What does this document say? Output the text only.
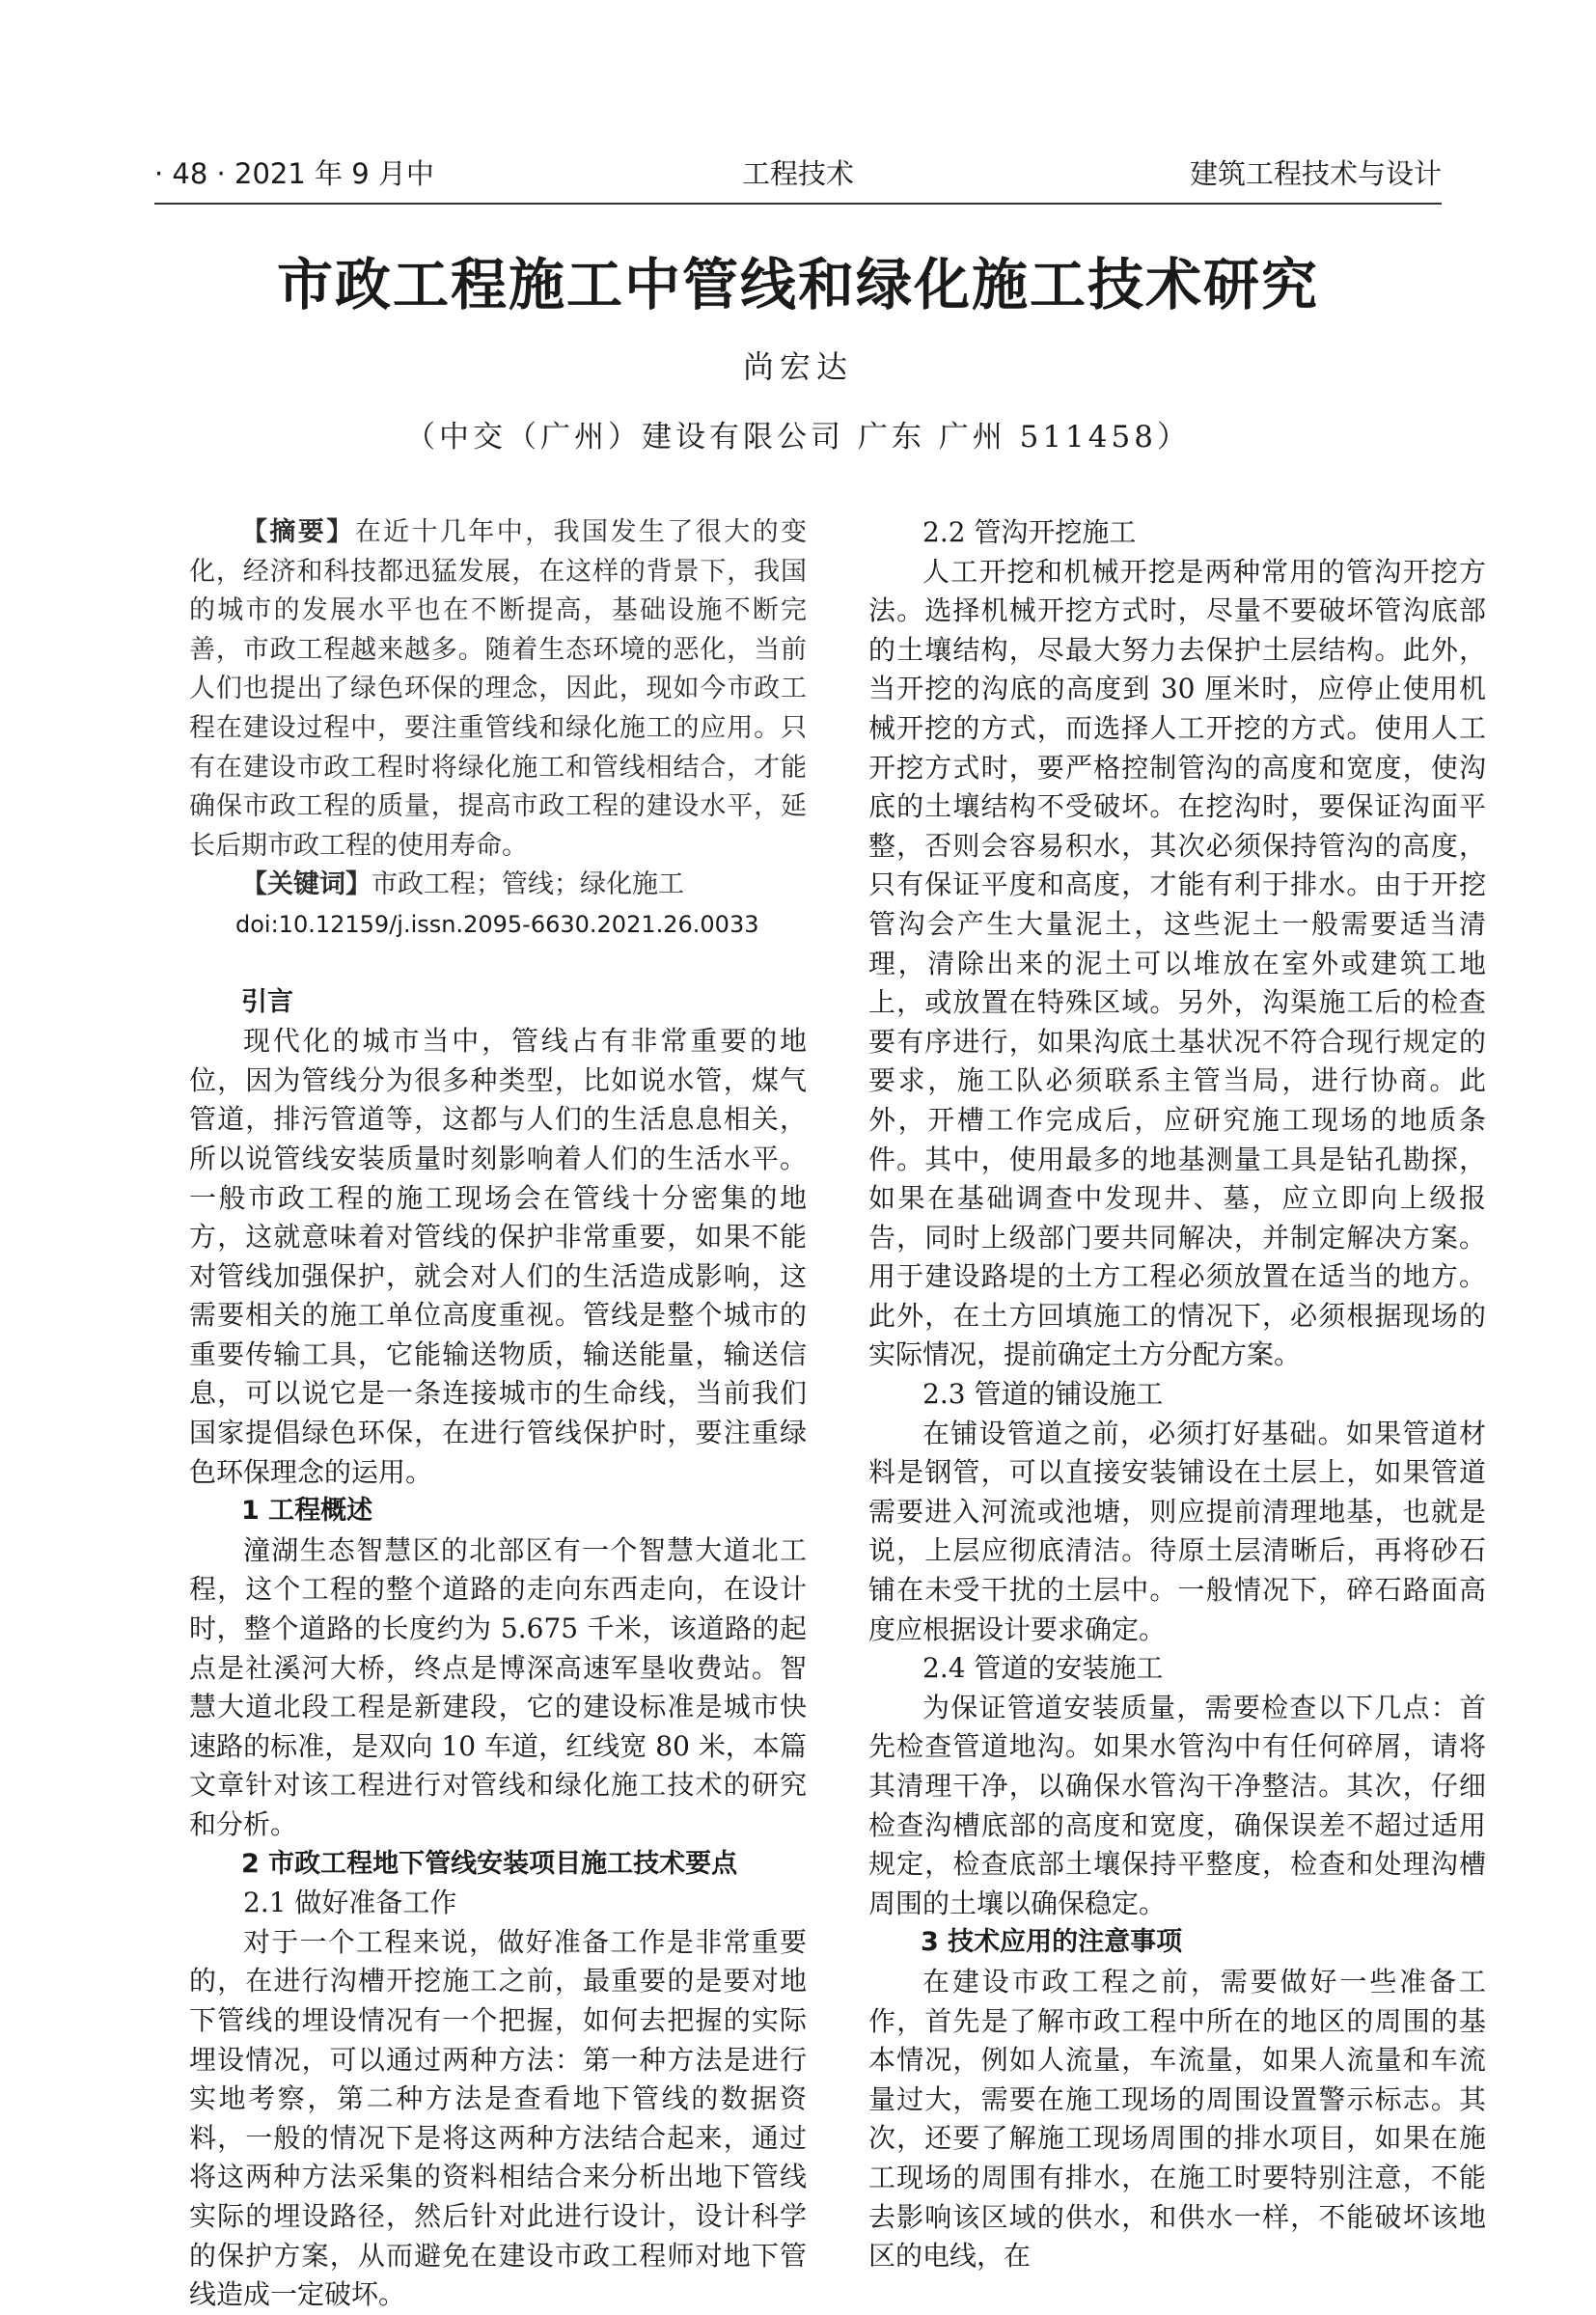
· 48 · 2021 年 9 月中	工程技术	建筑工程技术与设计
市政工程施工中管线和绿化施工技术研究
尚宏达
（中交（广州）建设有限公司 广东 广州 511458）

【摘要】在近十几年中，我国发生了很大的变化，经济和科技都迅猛发展，在这样的背景下，我国的城市的发展水平也在不断提高，基础设施不断完善，市政工程越来越多。随着生态环境的恶化，当前人们也提出了绿色环保的理念，因此，现如今市政工程在建设过程中，要注重管线和绿化施工的应用。只有在建设市政工程时将绿化施工和管线相结合，才能确保市政工程的质量，提高市政工程的建设水平，延长后期市政工程的使用寿命。

【关键词】市政工程；管线；绿化施工

doi:10.12159/j.issn.2095-6630.2021.26.0033

引言

现代化的城市当中，管线占有非常重要的地位，因为管线分为很多种类型，比如说水管，煤气管道，排污管道等，这都与人们的生活息息相关，所以说管线安装质量时刻影响着人们的生活水平。一般市政工程的施工现场会在管线十分密集的地方，这就意味着对管线的保护非常重要，如果不能对管线加强保护，就会对人们的生活造成影响，这需要相关的施工单位高度重视。管线是整个城市的重要传输工具，它能输送物质，输送能量，输送信息，可以说它是一条连接城市的生命线，当前我们国家提倡绿色环保，在进行管线保护时，要注重绿色环保理念的运用。

1 工程概述

潼湖生态智慧区的北部区有一个智慧大道北工程，这个工程的整个道路的走向东西走向，在设计时，整个道路的长度约为 5.675 千米，该道路的起点是社溪河大桥，终点是博深高速军垦收费站。智慧大道北段工程是新建段，它的建设标准是城市快速路的标准，是双向 10 车道，红线宽 80 米，本篇文章针对该工程进行对管线和绿化施工技术的研究和分析。

2 市政工程地下管线安装项目施工技术要点
2.1 做好准备工作

对于一个工程来说，做好准备工作是非常重要的，在进行沟槽开挖施工之前，最重要的是要对地下管线的埋设情况有一个把握，如何去把握的实际埋设情况，可以通过两种方法：第一种方法是进行实地考察，第二种方法是查看地下管线的数据资料，一般的情况下是将这两种方法结合起来，通过将这两种方法采集的资料相结合来分析出地下管线实际的埋设路径，然后针对此进行设计，设计科学的保护方案，从而避免在建设市政工程师对地下管线造成一定破坏。

2.2 管沟开挖施工

人工开挖和机械开挖是两种常用的管沟开挖方法。选择机械开挖方式时，尽量不要破坏管沟底部的土壤结构，尽最大努力去保护土层结构。此外，当开挖的沟底的高度到 30 厘米时，应停止使用机械开挖的方式，而选择人工开挖的方式。使用人工开挖方式时，要严格控制管沟的高度和宽度，使沟底的土壤结构不受破坏。在挖沟时，要保证沟面平整，否则会容易积水，其次必须保持管沟的高度，只有保证平度和高度，才能有利于排水。由于开挖管沟会产生大量泥土，这些泥土一般需要适当清理，清除出来的泥土可以堆放在室外或建筑工地上，或放置在特殊区域。另外，沟渠施工后的检查要有序进行，如果沟底土基状况不符合现行规定的要求，施工队必须联系主管当局，进行协商。此外，开槽工作完成后，应研究施工现场的地质条件。其中，使用最多的地基测量工具是钻孔勘探，如果在基础调查中发现井、墓，应立即向上级报告，同时上级部门要共同解决，并制定解决方案。用于建设路堤的土方工程必须放置在适当的地方。此外，在土方回填施工的情况下，必须根据现场的实际情况，提前确定土方分配方案。

2.3 管道的铺设施工

在铺设管道之前，必须打好基础。如果管道材料是钢管，可以直接安装铺设在土层上，如果管道需要进入河流或池塘，则应提前清理地基，也就是说，上层应彻底清洁。待原土层清晰后，再将砂石铺在未受干扰的土层中。一般情况下，碎石路面高度应根据设计要求确定。

2.4 管道的安装施工

为保证管道安装质量，需要检查以下几点：首先检查管道地沟。如果水管沟中有任何碎屑，请将其清理干净，以确保水管沟干净整洁。其次，仔细检查沟槽底部的高度和宽度，确保误差不超过适用规定，检查底部土壤保持平整度，检查和处理沟槽周围的土壤以确保稳定。

3 技术应用的注意事项

在建设市政工程之前，需要做好一些准备工作，首先是了解市政工程中所在的地区的周围的基本情况，例如人流量，车流量，如果人流量和车流量过大，需要在施工现场的周围设置警示标志。其次，还要了解施工现场周围的排水项目，如果在施工现场的周围有排水，在施工时要特别注意，不能去影响该区域的供水，和供水一样，不能破坏该地区的电线，在
